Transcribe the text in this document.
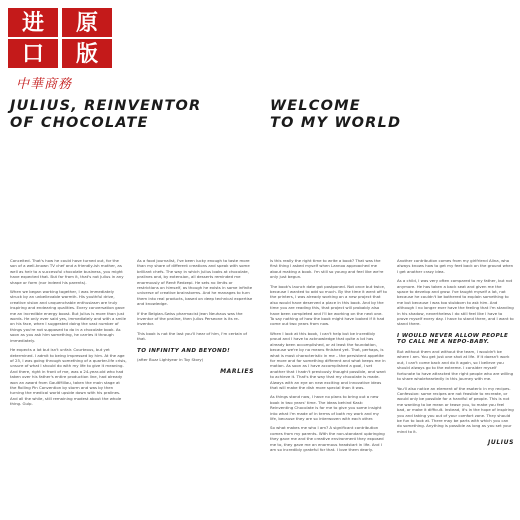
进	原
口	版
中華商務
JULIUS, REINVENTOR
OF CHOCOLATE

Conceited. That's how he could have turned out, for the son of a well-known TV chef and a friendly-ish mother, as well as heir to a successful chocolate business, you might have expected that. But far from it, that's not Julius in any shape or form (nor indeed his parents).

When we began working together, I was immediately struck by an unbelievable warmth. His youthful drive, creative vision and unquenchable enthusiasm are truly inspiring and endearing qualities. Every conversation gave me an incredible energy boost. But Julius is more than just words. He only ever said yes, immediately and with a smile on his face, when I suggested doing the vast number of things you're not supposed to do in a chocolate book. As soon as you ask him something, he carries it through immediately.

He expects a lot but isn't unfair. Courteous, but yet determined. I admit to being impressed by him. At the age of 25, I was going through something of a quarter-life crisis, unsure of what I should do with my life to give it meaning. And there, right in front of me, was a 24-year-old who had taken over his father's entire production line, had already won an award from GaultMillau, taken the main stage at the Rolling Pin Convention by storm and was by then turning the medical world upside down with his pralines. And all the while, still remaining modest about the whole thing. Gulp.

As a food journalist, I've been lucky enough to taste more than my share of different creations and speak with some brilliant chefs. The way in which Julius looks at chocolate, pralines and, by extension, all desserts reminded me enormously of René Redzepi. He sets no limits or restrictions on himself, as though he exists in some infinite universe of creative brainstorms. And he manages to turn them into real products, based on deep technical expertise and knowledge.

If the Belgian-Swiss pharmacist Jean Neuhaus was the inventor of the praline, then Julius Perseone is its re-inventor.

This book is not the last you'll hear of him, I'm certain of that.

TO INFINITY AND BEYOND!
(after Buzz Lightyear in Toy Story)
MARLIES
WELCOME
TO MY WORLD

Is this really the right time to write a book? That was the first thing I asked myself when Lannoo approached me about making a book. I'm still so young and feel like we're only just begun.

The book's launch date got postponed. Not once but twice, because I wanted to add so much. By the time it went off to the printers, I was already working on a new project that also would have deserved a place in this book. And by the time you are reading this, that project will probably also have been completed and I'll be working on the next one. To say nothing of how the book might have looked if it had come out two years from now.

When I look at this book, I can't help but be incredibly proud and I have to acknowledge that quite a lot has already been accomplished, or at least the foundation, because we're by no means finished yet. That, perhaps, is what is most characteristic in me – the persistent appetite for more and for something different and what keeps me in motion. As soon as I have accomplished a goal, I set another that I hadn't previously thought possible, and want to achieve it. That's the way that my chocolate is made. Always with an eye on new exciting and innovative ideas that will make the dish more special than it was.

As things stand now, I have no plans to bring out a new book in two years' time. The ideas behind Kask: Reinventing Chocolate is for me to give you some insight into what I'm made of in terms of both my work and my life, because they are so interwoven with each other.

So what makes me who I am? A significant contribution comes from my parents. With the non-standard upbringing they gave me and the creative environment they exposed me to, they gave me an enormous headstart in life. And I am so incredibly grateful for that. I love them dearly.

Another contribution comes from my girlfriend Alina, who always knows how to get my feet back on the ground when I get another crazy idea.

As a child, I was very often compared to my father, but not anymore. He has taken a back seat and given me the space to develop and grow. I've taught myself a lot, not because he couldn't be bothered to explain something to me but because I was too stubborn to ask him. And although I no longer ever have the feeling that I'm standing in his shadow, nevertheless I do still feel like I have to prove myself every day. I have to stand there, and I want to stand there.

I WOULD NEVER ALLOW PEOPLE TO CALL ME A NEPO-BABY.

But without them and without the team, I wouldn't be where I am. You get just one shot at life. If it doesn't work out, I can't come back and do it again, so I believe you should always go to the extreme. I consider myself fortunate to have attracted the right people who are willing to share wholeheartedly in this journey with me.

You'll also notice an element of the esoteric in my recipes. Confession: some recipes are not feasible to recreate, or would only be possible for a handful of people. This is not me wanting to be mean or tease you, to make you feel bad, or make it difficult. Instead, it's in the hope of inspiring you and taking you out of your comfort zone. They should be fun to look at. There may be parts with which you can do something. Anything is possible as long as you set your mind to it.

JULIUS
